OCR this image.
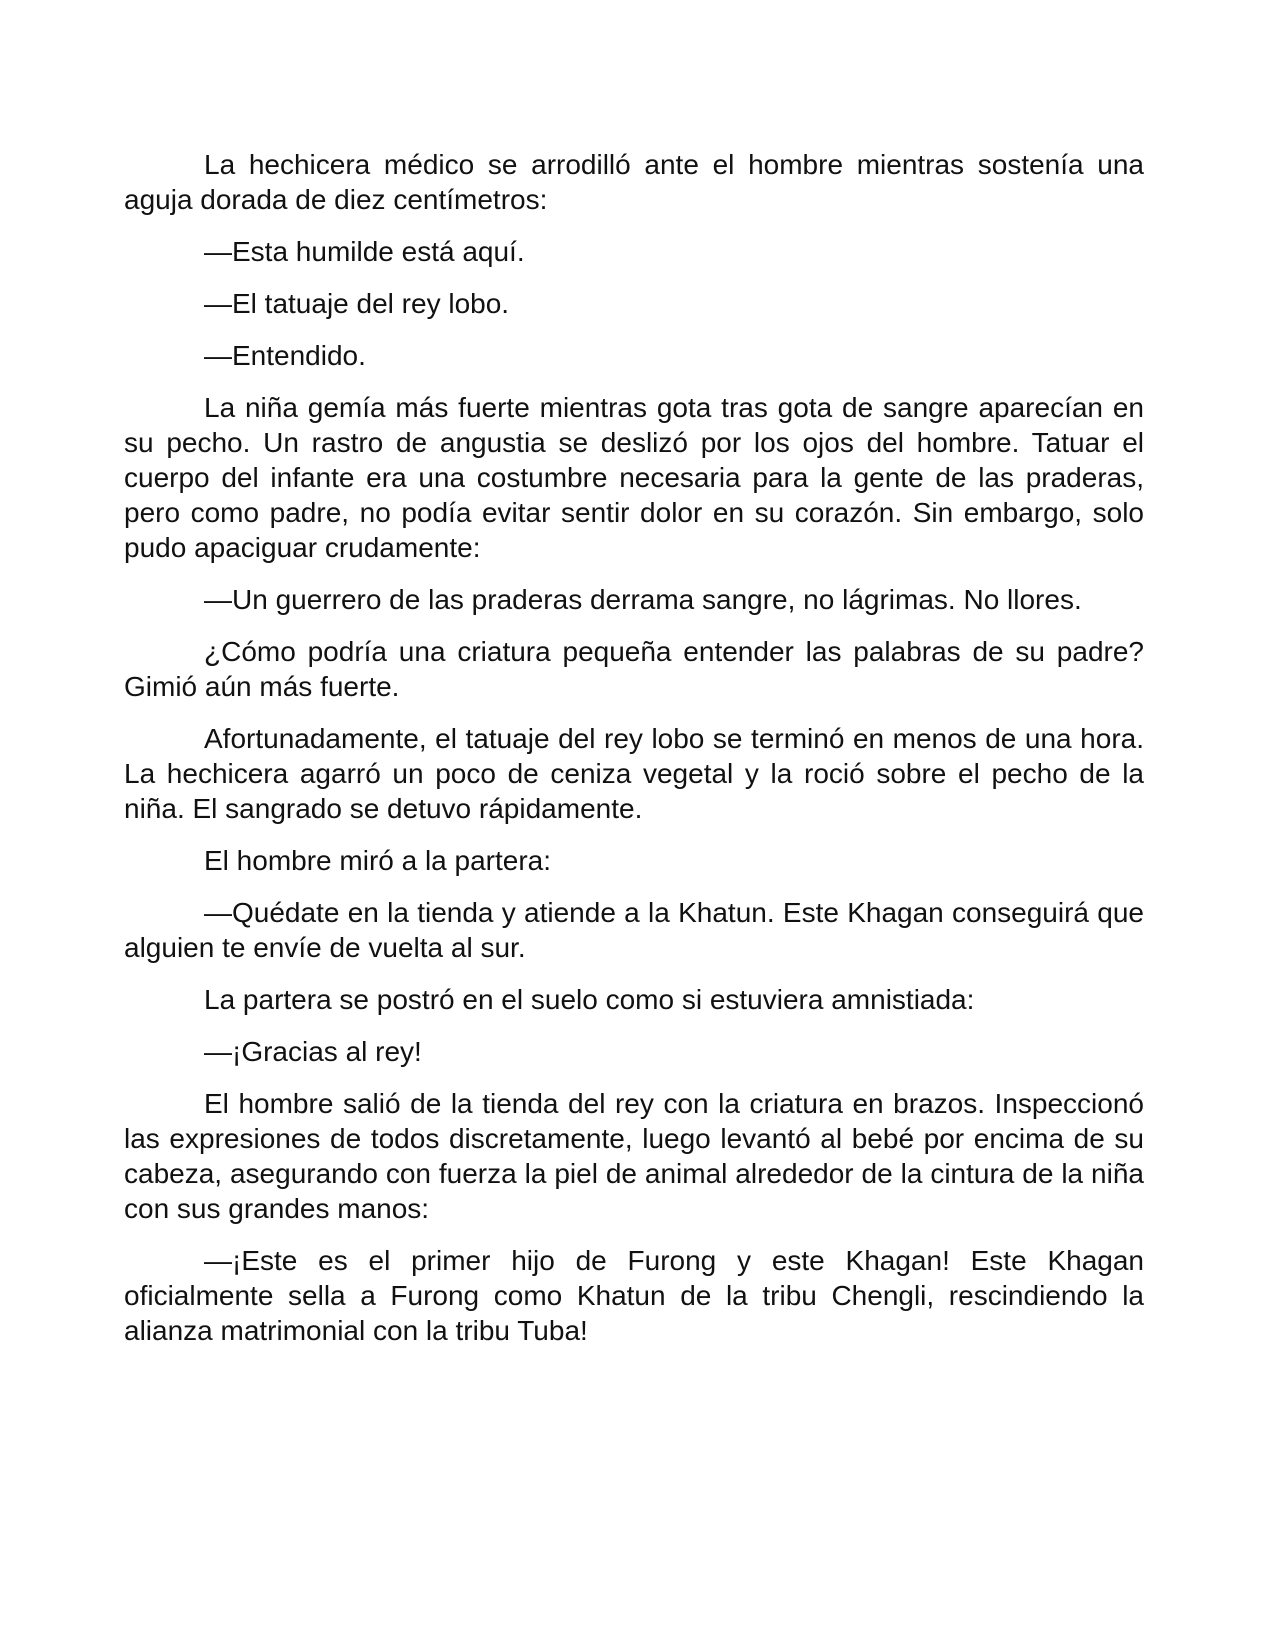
La hechicera médico se arrodilló ante el hombre mientras sostenía una aguja dorada de diez centímetros:

—Esta humilde está aquí.

—El tatuaje del rey lobo.

—Entendido.

La niña gemía más fuerte mientras gota tras gota de sangre aparecían en su pecho. Un rastro de angustia se deslizó por los ojos del hombre. Tatuar el cuerpo del infante era una costumbre necesaria para la gente de las praderas, pero como padre, no podía evitar sentir dolor en su corazón. Sin embargo, solo pudo apaciguar crudamente:

—Un guerrero de las praderas derrama sangre, no lágrimas. No llores.

¿Cómo podría una criatura pequeña entender las palabras de su padre? Gimió aún más fuerte.

Afortunadamente, el tatuaje del rey lobo se terminó en menos de una hora. La hechicera agarró un poco de ceniza vegetal y la roció sobre el pecho de la niña. El sangrado se detuvo rápidamente.

El hombre miró a la partera:

—Quédate en la tienda y atiende a la Khatun. Este Khagan conseguirá que alguien te envíe de vuelta al sur.

La partera se postró en el suelo como si estuviera amnistiada:

—¡Gracias al rey!

El hombre salió de la tienda del rey con la criatura en brazos. Inspeccionó las expresiones de todos discretamente, luego levantó al bebé por encima de su cabeza, asegurando con fuerza la piel de animal alrededor de la cintura de la niña con sus grandes manos:

—¡Este es el primer hijo de Furong y este Khagan! Este Khagan oficialmente sella a Furong como Khatun de la tribu Chengli, rescindiendo la alianza matrimonial con la tribu Tuba!
